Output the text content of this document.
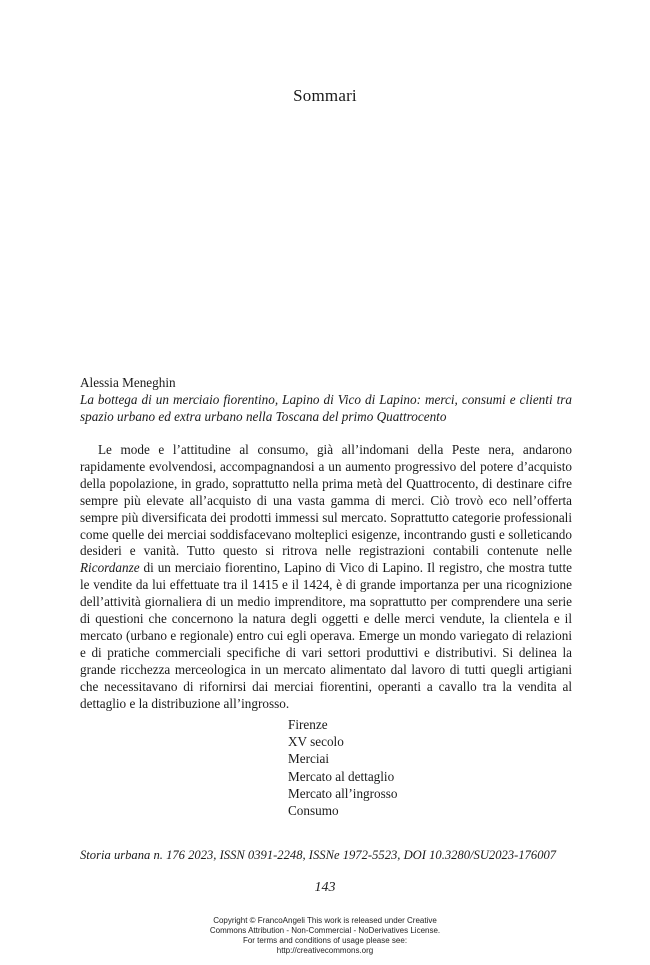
Sommari

Alessia Meneghin

La bottega di un merciaio fiorentino, Lapino di Vico di Lapino: merci, consumi e clienti tra spazio urbano ed extra urbano nella Toscana del primo Quattrocento

Le mode e l’attitudine al consumo, già all’indomani della Peste nera, andarono rapidamente evolvendosi, accompagnandosi a un aumento progressivo del potere d’acquisto della popolazione, in grado, soprattutto nella prima metà del Quattrocento, di destinare cifre sempre più elevate all’acquisto di una vasta gamma di merci. Ciò trovò eco nell’offerta sempre più diversificata dei prodotti immessi sul mercato. Soprattutto categorie professionali come quelle dei merciai soddisfacevano molteplici esigenze, incontrando gusti e solleticando desideri e vanità. Tutto questo si ritrova nelle registrazioni contabili contenute nelle Ricordanze di un merciaio fiorentino, Lapino di Vico di Lapino. Il registro, che mostra tutte le vendite da lui effettuate tra il 1415 e il 1424, è di grande importanza per una ricognizione dell’attività giornaliera di un medio imprenditore, ma soprattutto per comprendere una serie di questioni che concernono la natura degli oggetti e delle merci vendute, la clientela e il mercato (urbano e regionale) entro cui egli operava. Emerge un mondo variegato di relazioni e di pratiche commerciali specifiche di vari settori produttivi e distributivi. Si delinea la grande ricchezza merceologica in un mercato alimentato dal lavoro di tutti quegli artigiani che necessitavano di rifornirsi dai merciai fiorentini, operanti a cavallo tra la vendita al dettaglio e la distribuzione all’ingrosso.

Firenze
XV secolo
Merciai
Mercato al dettaglio
Mercato all’ingrosso
Consumo
Storia urbana n. 176 2023, ISSN 0391-2248, ISSNe 1972-5523, DOI 10.3280/SU2023-176007
143
Copyright © FrancoAngeli This work is released under Creative
Commons Attribution - Non-Commercial - NoDerivatives License.
For terms and conditions of usage please see:
http://creativecommons.org
